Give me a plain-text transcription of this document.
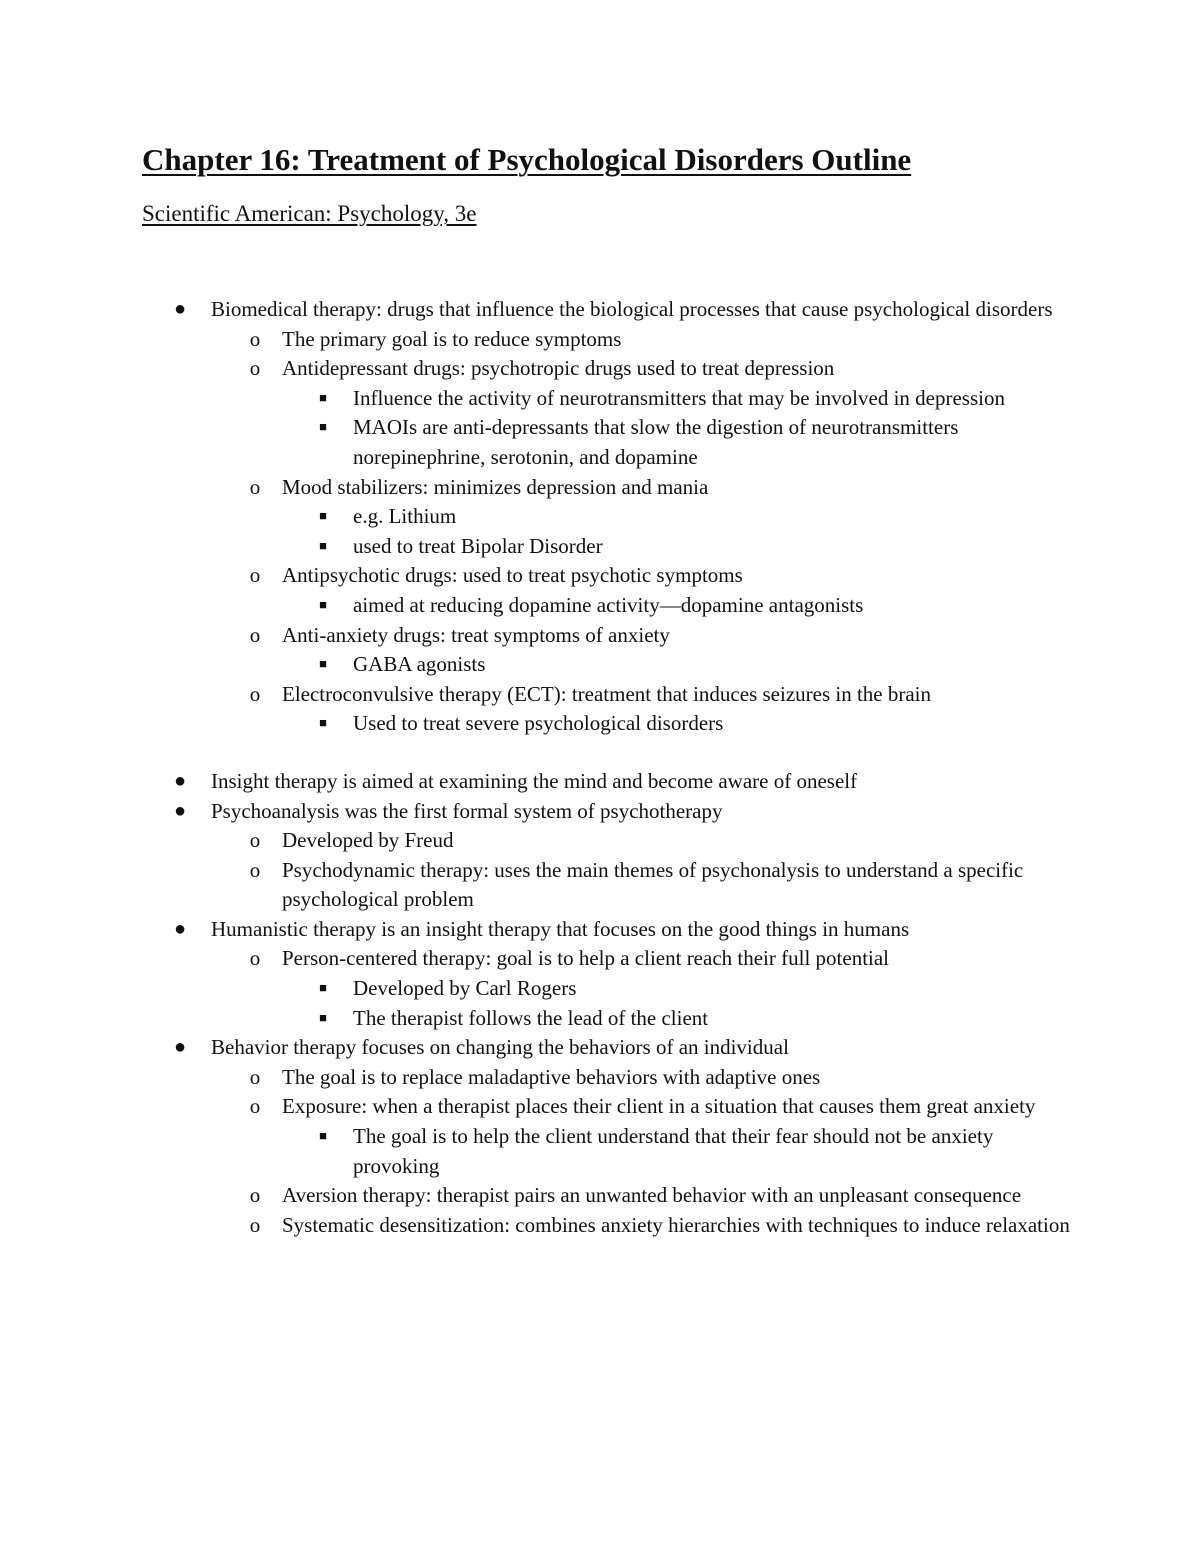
Chapter 16: Treatment of Psychological Disorders Outline
Scientific American: Psychology, 3e
● Biomedical therapy: drugs that influence the biological processes that cause psychological disorders
o The primary goal is to reduce symptoms
o Antidepressant drugs: psychotropic drugs used to treat depression
■ Influence the activity of neurotransmitters that may be involved in depression
■ MAOIs are anti-depressants that slow the digestion of neurotransmitters norepinephrine, serotonin, and dopamine
o Mood stabilizers: minimizes depression and mania
■ e.g. Lithium
■ used to treat Bipolar Disorder
o Antipsychotic drugs: used to treat psychotic symptoms
■ aimed at reducing dopamine activity—dopamine antagonists
o Anti-anxiety drugs: treat symptoms of anxiety
■ GABA agonists
o Electroconvulsive therapy (ECT): treatment that induces seizures in the brain
■ Used to treat severe psychological disorders
● Insight therapy is aimed at examining the mind and become aware of oneself
● Psychoanalysis was the first formal system of psychotherapy
o Developed by Freud
o Psychodynamic therapy: uses the main themes of psychonalysis to understand a specific psychological problem
● Humanistic therapy is an insight therapy that focuses on the good things in humans
o Person-centered therapy: goal is to help a client reach their full potential
■ Developed by Carl Rogers
■ The therapist follows the lead of the client
● Behavior therapy focuses on changing the behaviors of an individual
o The goal is to replace maladaptive behaviors with adaptive ones
o Exposure: when a therapist places their client in a situation that causes them great anxiety
■ The goal is to help the client understand that their fear should not be anxiety provoking
o Aversion therapy: therapist pairs an unwanted behavior with an unpleasant consequence
o Systematic desensitization: combines anxiety hierarchies with techniques to induce relaxation
